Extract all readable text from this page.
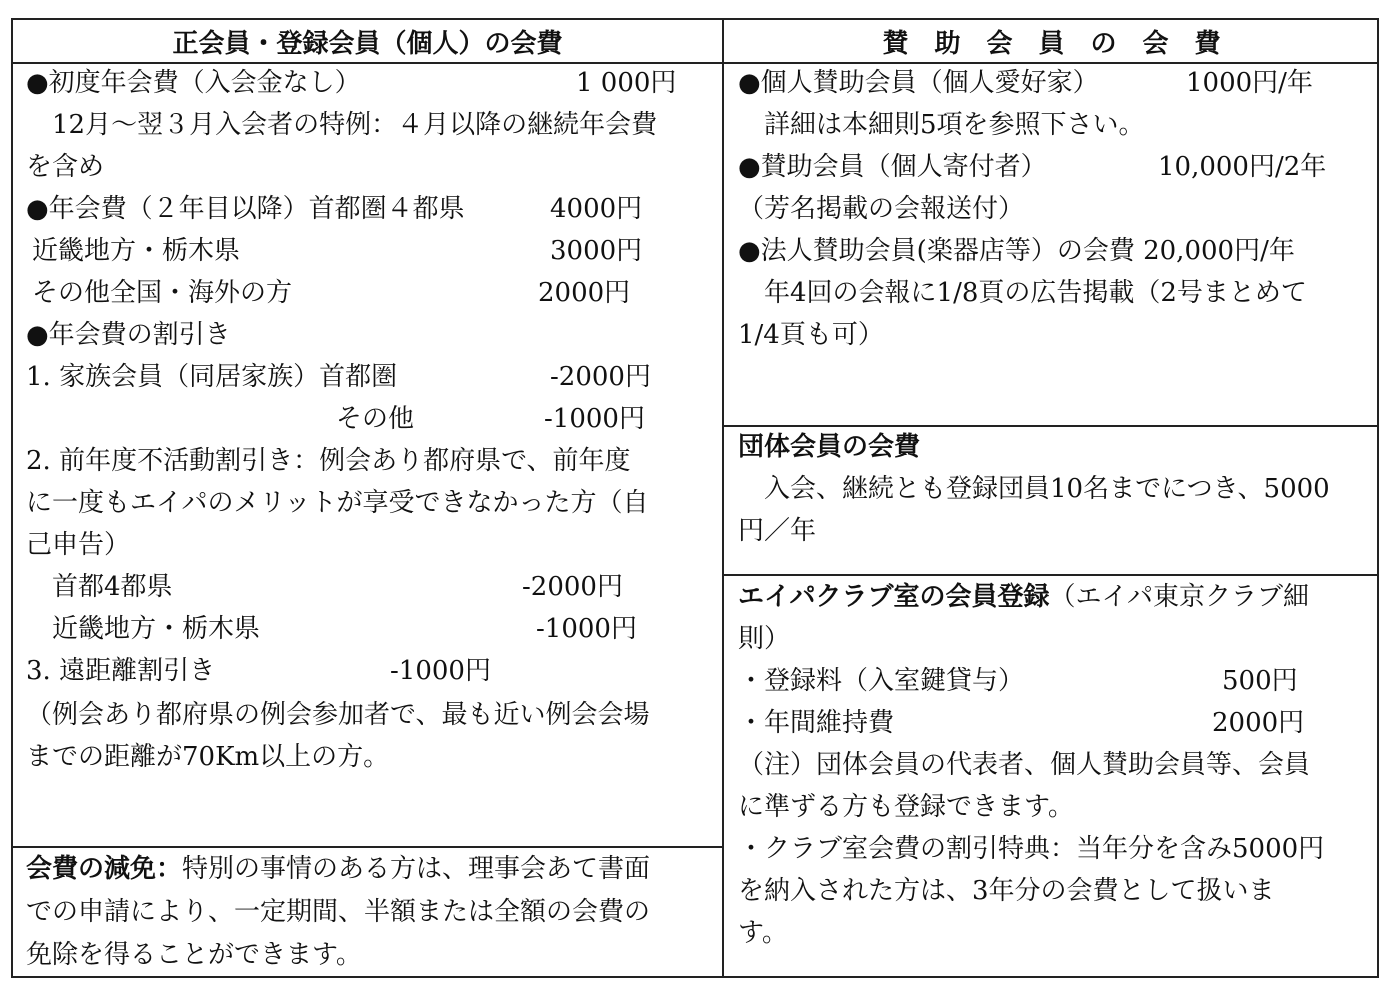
正会員・登録会員（個人）の会費	賛　助　会　員　の　会　費
●初度年会費（入会金なし）	1 000円
　12月～翌３月入会者の特例：４月以降の継続年会費
を含め
●年会費（２年目以降）首都圏４都県	4000円
近畿地方・栃木県	3000円
その他全国・海外の方	2000円
●年会費の割引き
1. 家族会員（同居家族）首都圏	-2000円
その他	-1000円
2. 前年度不活動割引き：例会あり都府県で、前年度
に一度もエイパのメリットが享受できなかった方（自
己申告）
　首都4都県	-2000円
　近畿地方・栃木県	-1000円
3. 遠距離割引き	-1000円
（例会あり都府県の例会参加者で、最も近い例会会場
までの距離が70Km以上の方。
会費の減免：特別の事情のある方は、理事会あて書面
での申請により、一定期間、半額または全額の会費の
免除を得ることができます。
●個人賛助会員（個人愛好家）	1000円/年
　詳細は本細則5項を参照下さい。
●賛助会員（個人寄付者）	10,000円/2年
（芳名掲載の会報送付）
●法人賛助会員(楽器店等）の会費 20,000円/年
　年4回の会報に1/8頁の広告掲載（2号まとめて
1/4頁も可）
団体会員の会費
　入会、継続とも登録団員10名までにつき、5000
円／年
エイパクラブ室の会員登録（エイパ東京クラブ細
則）
・登録料（入室鍵貸与）	500円
・年間維持費	2000円
（注）団体会員の代表者、個人賛助会員等、会員
に準ずる方も登録できます。
・クラブ室会費の割引特典：当年分を含み5000円
を納入された方は、3年分の会費として扱いま
す。
